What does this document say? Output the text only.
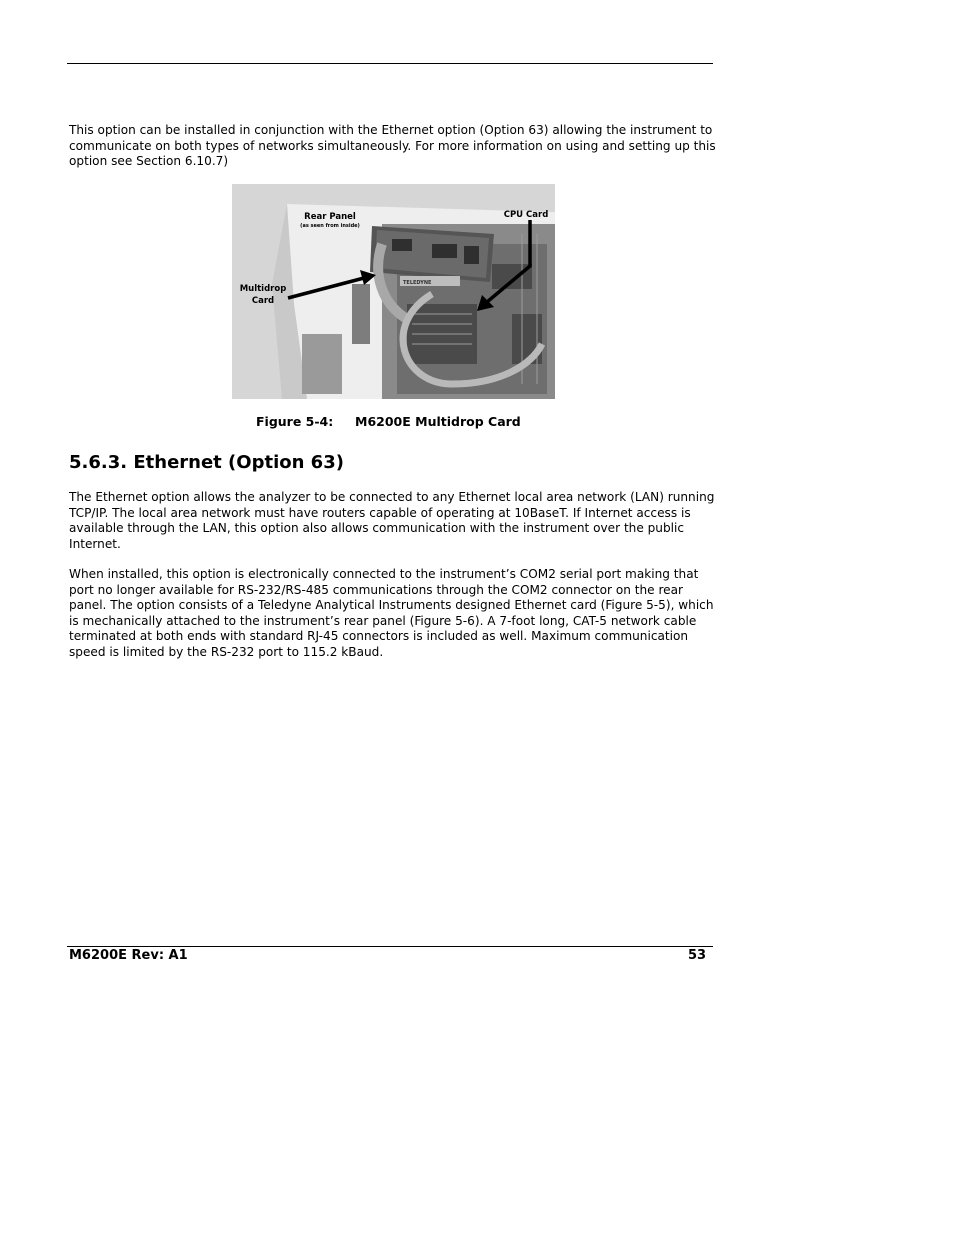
This option can be installed in conjunction with the Ethernet option (Option 63) allowing the instrument to communicate on both types of networks simultaneously. For more information on using and setting up this option see Section 6.10.7)

TELEDYNE
Rear Panel
(as seen from inside)
CPU Card
Multidrop
Card
Figure 5-4: M6200E Multidrop Card
5.6.3. Ethernet (Option 63)

The Ethernet option allows the analyzer to be connected to any Ethernet local area network (LAN) running TCP/IP. The local area network must have routers capable of operating at 10BaseT. If Internet access is available through the LAN, this option also allows communication with the instrument over the public Internet.

When installed, this option is electronically connected to the instrument’s COM2 serial port making that port no longer available for RS-232/RS-485 communications through the COM2 connector on the rear panel. The option consists of a Teledyne Analytical Instruments designed Ethernet card (Figure 5-5), which is mechanically attached to the instrument’s rear panel (Figure 5-6). A 7-foot long, CAT-5 network cable terminated at both ends with standard RJ-45 connectors is included as well. Maximum communication speed is limited by the RS-232 port to 115.2 kBaud.

M6200E Rev: A1	53
